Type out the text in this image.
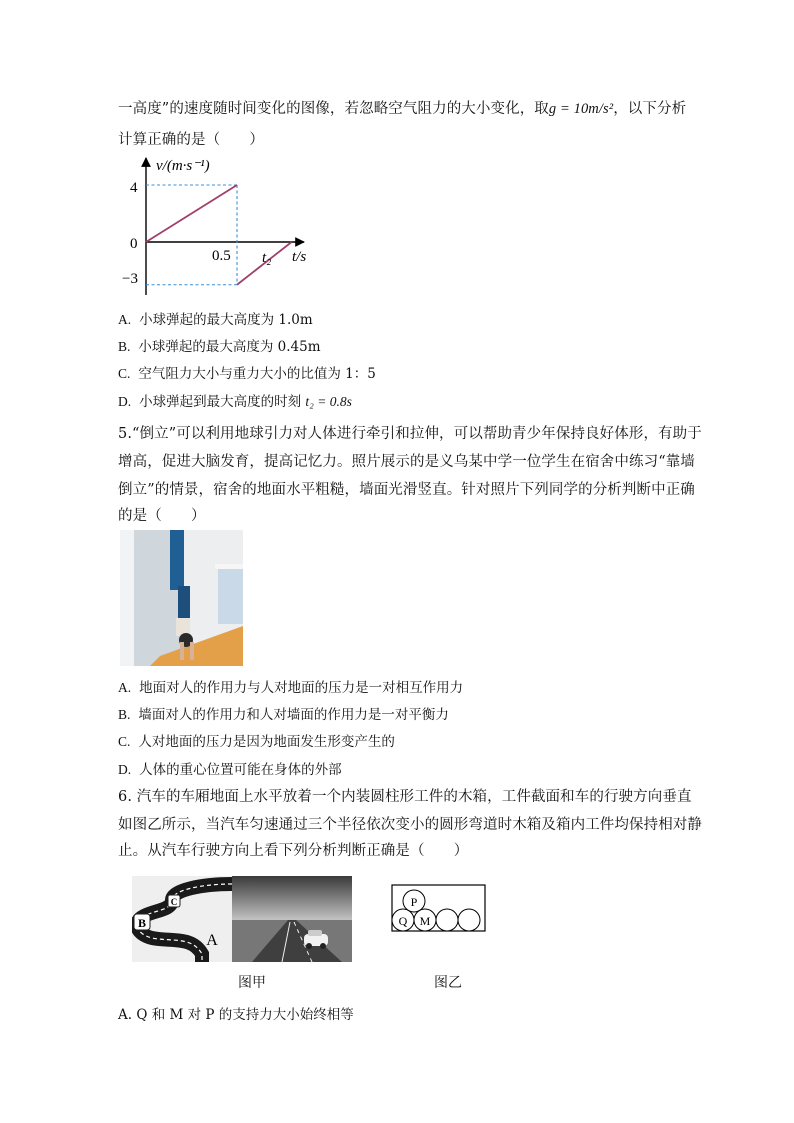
一高度”的速度随时间变化的图像，若忽略空气阻力的大小变化，取g = 10m/s²，以下分析
计算正确的是（　　）
v/(m·s⁻¹)
t/s
4
0
−3
0.5 t₂
A. 小球弹起的最大高度为 1.0m
B. 小球弹起的最大高度为 0.45m
C. 空气阻力大小与重力大小的比值为 1：5
D. 小球弹起到最大高度的时刻 t₂ = 0.8s
5.“倒立”可以利用地球引力对人体进行牵引和拉伸，可以帮助青少年保持良好体形，有助于
增高，促进大脑发育，提高记忆力。照片展示的是义乌某中学一位学生在宿舍中练习“靠墙
倒立”的情景，宿舍的地面水平粗糙，墙面光滑竖直。针对照片下列同学的分析判断中正确
的是（　　）
A. 地面对人的作用力与人对地面的压力是一对相互作用力
B. 墙面对人的作用力和人对墙面的作用力是一对平衡力
C. 人对地面的压力是因为地面发生形变产生的
D. 人体的重心位置可能在身体的外部
6. 汽车的车厢地面上水平放着一个内装圆柱形工件的木箱，工件截面和车的行驶方向垂直
如图乙所示，当汽车匀速通过三个半径依次变小的圆形弯道时木箱及箱内工件均保持相对静
止。从汽车行驶方向上看下列分析判断正确是（　　）
B
C
A
P
Q M
图甲	图乙
A. Q 和 M 对 P 的支持力大小始终相等
